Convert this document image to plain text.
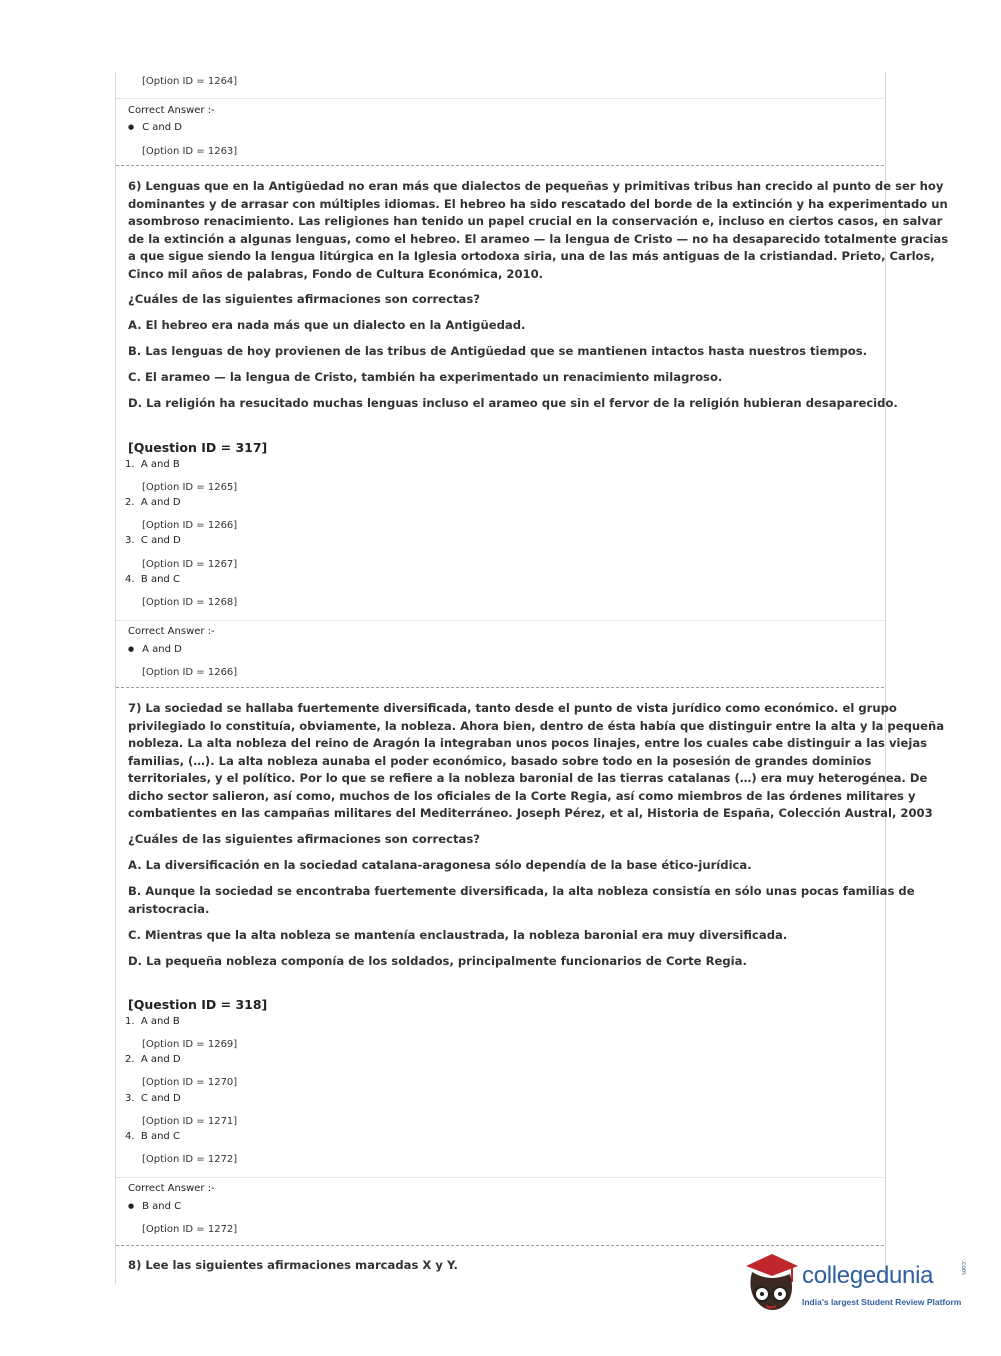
[Option ID = 1264]
Correct Answer :-
● C and D
[Option ID = 1263]
6) Lenguas que en la Antigüedad no eran más que dialectos de pequeñas y primitivas tribus han crecido al punto de ser hoy
dominantes y de arrasar con múltiples idiomas. El hebreo ha sido rescatado del borde de la extinción y ha experimentado un
asombroso renacimiento. Las religiones han tenido un papel crucial en la conservación e, incluso en ciertos casos, en salvar
de la extinción a algunas lenguas, como el hebreo. El arameo — la lengua de Cristo — no ha desaparecido totalmente gracias
a que sigue siendo la lengua litúrgica en la Iglesia ortodoxa siria, una de las más antiguas de la cristiandad. Prieto, Carlos,
Cinco mil años de palabras, Fondo de Cultura Económica, 2010.
¿Cuáles de las siguientes afirmaciones son correctas?
A. El hebreo era nada más que un dialecto en la Antigüedad.
B. Las lenguas de hoy provienen de las tribus de Antigüedad que se mantienen intactos hasta nuestros tiempos.
C. El arameo — la lengua de Cristo, también ha experimentado un renacimiento milagroso.
D. La religión ha resucitado muchas lenguas incluso el arameo que sin el fervor de la religión hubieran desaparecido.
[Question ID = 317]
1. A and B
[Option ID = 1265]
2. A and D
[Option ID = 1266]
3. C and D
[Option ID = 1267]
4. B and C
[Option ID = 1268]
Correct Answer :-
● A and D
[Option ID = 1266]
7) La sociedad se hallaba fuertemente diversificada, tanto desde el punto de vista jurídico como económico. el grupo
privilegiado lo constituía, obviamente, la nobleza. Ahora bien, dentro de ésta había que distinguir entre la alta y la pequeña
nobleza. La alta nobleza del reino de Aragón la integraban unos pocos linajes, entre los cuales cabe distinguir a las viejas
familias, (…). La alta nobleza aunaba el poder económico, basado sobre todo en la posesión de grandes dominios
territoriales, y el político. Por lo que se refiere a la nobleza baronial de las tierras catalanas (…) era muy heterogénea. De
dicho sector salieron, así como, muchos de los oficiales de la Corte Regia, así como miembros de las órdenes militares y
combatientes en las campañas militares del Mediterráneo. Joseph Pérez, et al, Historia de España, Colección Austral, 2003
¿Cuáles de las siguientes afirmaciones son correctas?
A. La diversificación en la sociedad catalana-aragonesa sólo dependía de la base ético-jurídica.
B. Aunque la sociedad se encontraba fuertemente diversificada, la alta nobleza consistía en sólo unas pocas familias de
aristocracia.
C. Mientras que la alta nobleza se mantenía enclaustrada, la nobleza baronial era muy diversificada.
D. La pequeña nobleza componía de los soldados, principalmente funcionarios de Corte Regia.
[Question ID = 318]
1. A and B
[Option ID = 1269]
2. A and D
[Option ID = 1270]
3. C and D
[Option ID = 1271]
4. B and C
[Option ID = 1272]
Correct Answer :-
● B and C
[Option ID = 1272]
8) Lee las siguientes afirmaciones marcadas X y Y.	collegedunia	.com
India's largest Student Review Platform
